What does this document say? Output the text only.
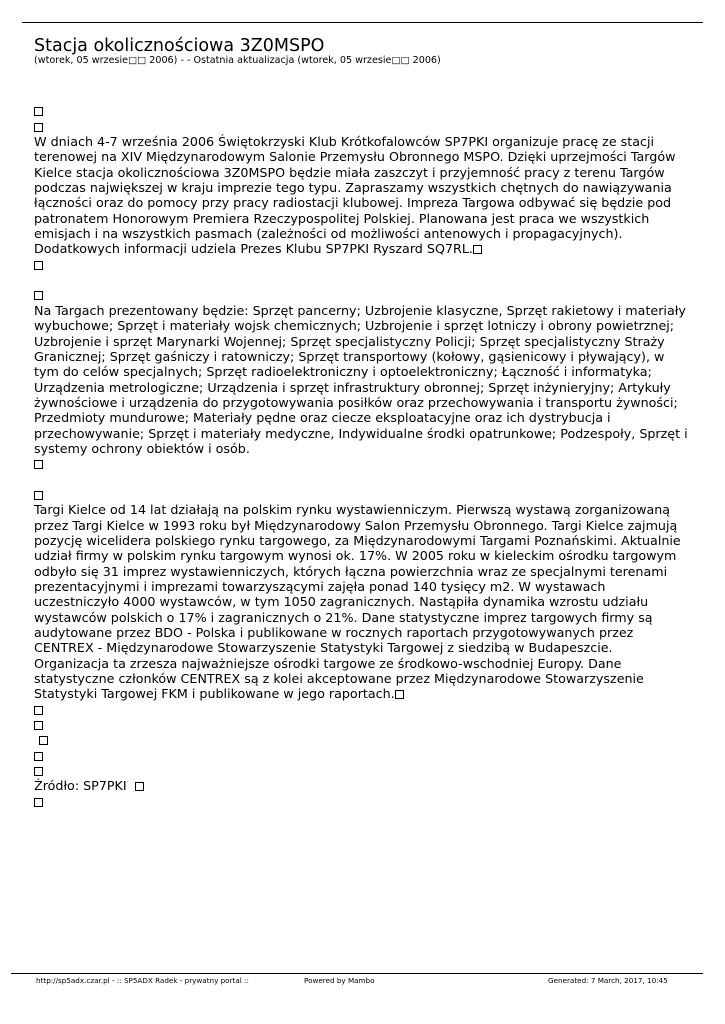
Stacja okolicznościowa 3Z0MSPO
(wtorek, 05 wrzesie□□ 2006) - - Ostatnia aktualizacja (wtorek, 05 wrzesie□□ 2006)

W dniach 4-7 września 2006 Świętokrzyski Klub Krótkofalowców SP7PKI organizuje pracę ze stacji terenowej na XIV Międzynarodowym Salonie Przemysłu Obronnego MSPO. Dzięki uprzejmości Targów Kielce stacja okolicznościowa 3Z0MSPO będzie miała zaszczyt i przyjemność pracy z terenu Targów podczas największej w kraju imprezie tego typu. Zapraszamy wszystkich chętnych do nawiązywania łączności oraz do pomocy przy pracy radiostacji klubowej. Impreza Targowa odbywać się będzie pod patronatem Honorowym Premiera Rzeczypospolitej Polskiej. Planowana jest praca we wszystkich emisjach i na wszystkich pasmach (zależności od możliwości antenowych i propagacyjnych). Dodatkowych informacji udziela Prezes Klubu SP7PKI Ryszard SQ7RL.

Na Targach prezentowany będzie: Sprzęt pancerny; Uzbrojenie klasyczne, Sprzęt rakietowy i materiały wybuchowe; Sprzęt i materiały wojsk chemicznych; Uzbrojenie i sprzęt lotniczy i obrony powietrznej; Uzbrojenie i sprzęt Marynarki Wojennej; Sprzęt specjalistyczny Policji; Sprzęt specjalistyczny Straży Granicznej; Sprzęt gaśniczy i ratowniczy; Sprzęt transportowy (kołowy, gąsienicowy i pływający), w tym do celów specjalnych; Sprzęt radioelektroniczny i optoelektroniczny; Łączność i informatyka; Urządzenia metrologiczne; Urządzenia i sprzęt infrastruktury obronnej; Sprzęt inżynieryjny; Artykuły żywnościowe i urządzenia do przygotowywania posiłków oraz przechowywania i transportu żywności; Przedmioty mundurowe; Materiały pędne oraz ciecze eksploatacyjne oraz ich dystrybucja i przechowywanie; Sprzęt i materiały medyczne, Indywidualne środki opatrunkowe; Podzespoły, Sprzęt i systemy ochrony obiektów i osób.

Targi Kielce od 14 lat działają na polskim rynku wystawienniczym. Pierwszą wystawą zorganizowaną przez Targi Kielce w 1993 roku był Międzynarodowy Salon Przemysłu Obronnego. Targi Kielce zajmują pozycję wicelidera polskiego rynku targowego, za Międzynarodowymi Targami Poznańskimi. Aktualnie udział firmy w polskim rynku targowym wynosi ok. 17%. W 2005 roku w kieleckim ośrodku targowym odbyło się 31 imprez wystawienniczych, których łączna powierzchnia wraz ze specjalnymi terenami prezentacyjnymi i imprezami towarzyszącymi zajęła ponad 140 tysięcy m2. W wystawach uczestniczyło 4000 wystawców, w tym 1050 zagranicznych. Nastąpiła dynamika wzrostu udziału wystawców polskich o 17% i zagranicznych o 21%. Dane statystyczne imprez targowych firmy są audytowane przez BDO - Polska i publikowane w rocznych raportach przygotowywanych przez CENTREX - Międzynarodowe Stowarzyszenie Statystyki Targowej z siedzibą w Budapeszcie. Organizacja ta zrzesza najważniejsze ośrodki targowe ze środkowo-wschodniej Europy. Dane statystyczne członków CENTREX są z kolei akceptowane przez Międzynarodowe Stowarzyszenie Statystyki Targowej FKM i publikowane w jego raportach.

Źródło: SP7PKI
http://sp5adx.czar.pl - :: SP5ADX Radek - prywatny portal ::	Powered by Mambo	Generated: 7 March, 2017, 10:45
